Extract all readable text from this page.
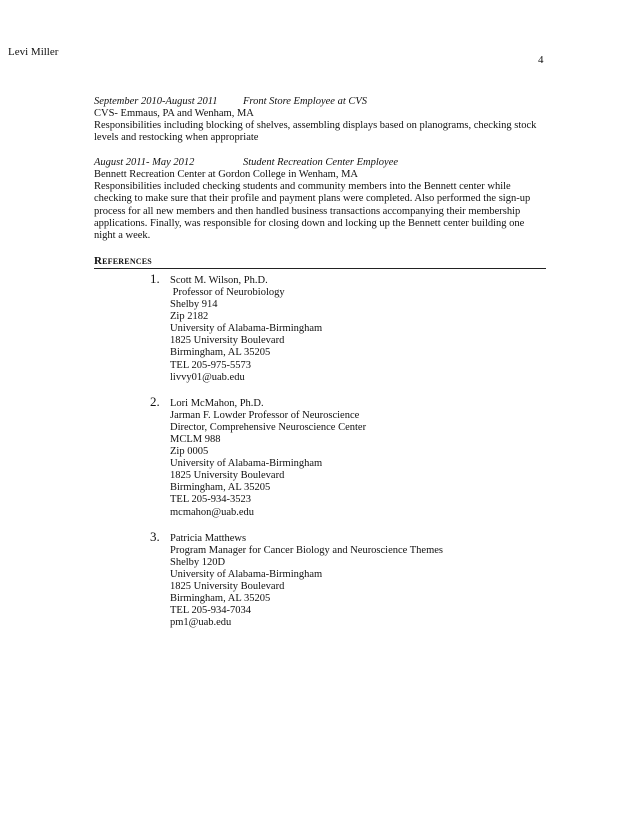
Levi Miller
4
September 2010-August 2011 Front Store Employee at CVS
CVS- Emmaus, PA and Wenham, MA
Responsibilities including blocking of shelves, assembling displays based on planograms, checking stock
levels and restocking when appropriate
August 2011- May 2012	Student Recreation Center Employee
Bennett Recreation Center at Gordon College in Wenham, MA
Responsibilities included checking students and community members into the Bennett center while
checking to make sure that their profile and payment plans were completed. Also performed the sign-up
process for all new members and then handled business transactions accompanying their membership
applications. Finally, was responsible for closing down and locking up the Bennett center building one
night a week.
References
1. Scott M. Wilson, Ph.D.
Professor of Neurobiology
Shelby 914
Zip 2182
University of Alabama-Birmingham
1825 University Boulevard
Birmingham, AL 35205
TEL 205-975-5573
livvy01@uab.edu
2. Lori McMahon, Ph.D.
Jarman F. Lowder Professor of Neuroscience
Director, Comprehensive Neuroscience Center
MCLM 988
Zip 0005
University of Alabama-Birmingham
1825 University Boulevard
Birmingham, AL 35205
TEL 205-934-3523
mcmahon@uab.edu
3. Patricia Matthews
Program Manager for Cancer Biology and Neuroscience Themes
Shelby 120D
University of Alabama-Birmingham
1825 University Boulevard
Birmingham, AL 35205
TEL 205-934-7034
pm1@uab.edu
